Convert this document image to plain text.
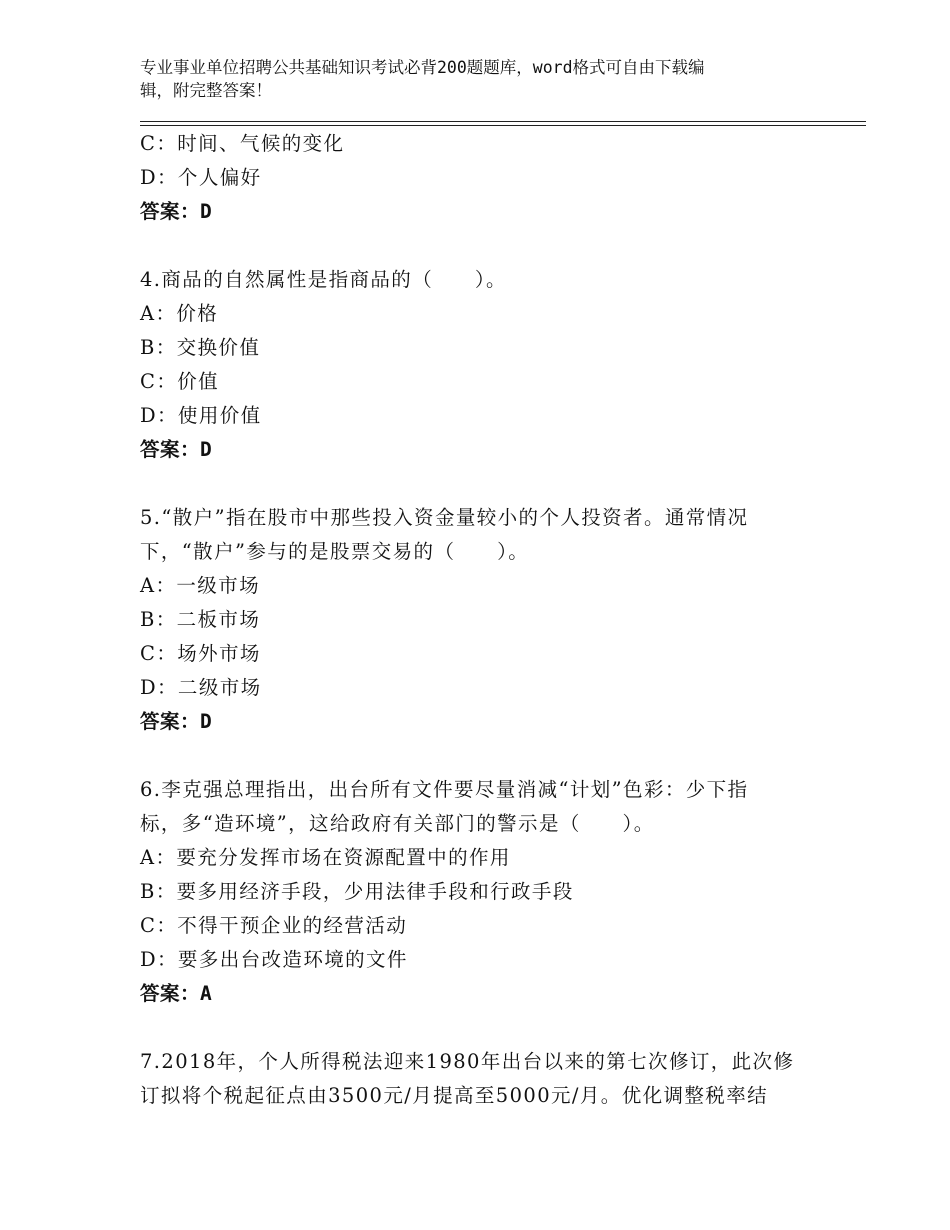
专业事业单位招聘公共基础知识考试必背200题题库，word格式可自由下载编
辑，附完整答案！
C：时间、气候的变化
D：个人偏好
答案：D
4.商品的自然属性是指商品的（　　）。
A：价格
B：交换价值
C：价值
D：使用价值
答案：D
5.“散户”指在股市中那些投入资金量较小的个人投资者。通常情况
下，“散户”参与的是股票交易的（　　）。
A：一级市场
B：二板市场
C：场外市场
D：二级市场
答案：D
6.李克强总理指出，出台所有文件要尽量消减“计划”色彩：少下指
标，多“造环境”，这给政府有关部门的警示是（　　）。
A：要充分发挥市场在资源配置中的作用
B：要多用经济手段，少用法律手段和行政手段
C：不得干预企业的经营活动
D：要多出台改造环境的文件
答案：A
7.2018年，个人所得税法迎来1980年出台以来的第七次修订，此次修
订拟将个税起征点由3500元/月提高至5000元/月。优化调整税率结
